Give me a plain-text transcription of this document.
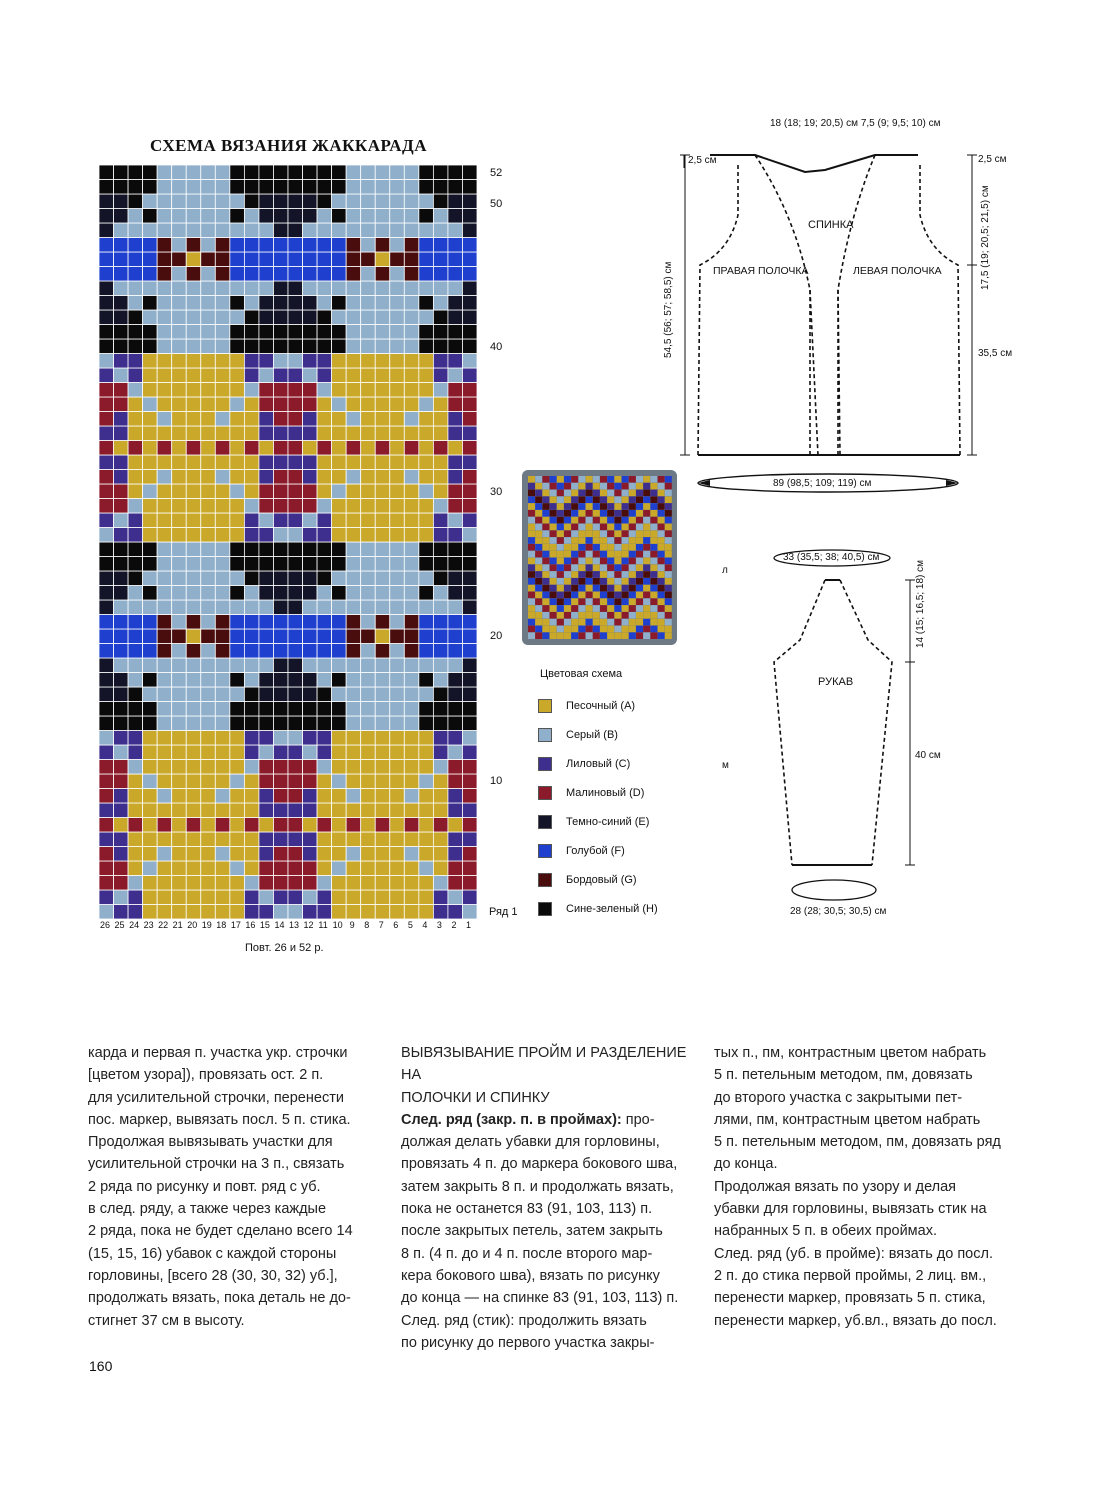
СХЕМА ВЯЗАНИЯ ЖАККАРАДА
52
50
40
30
20
10
Ряд 1
26 25 24 23 22 21 20 19 18 17 16 15 14 13 12 11 10 9	8	7	6	5	4	3	2	1
Повт. 26 и 52 р.
Цветовая схема
Песочный (A)
Серый (B)
Лиловый (C)
Малиновый (D)
Темно-синий (E)
Голубой (F)
Бордовый (G)
Сине-зеленый (H)
18 (18; 19; 20,5) см 7,5 (9; 9,5; 10) см
2,5 см	2,5 см
17,5 (19; 20,5; 21,5) см
35,5 см
54,5 (56; 57; 58,5) см
СПИНКА
ПРАВАЯ ПОЛОЧКА	ЛЕВАЯ ПОЛОЧКА
89 (98,5; 109; 119) см
33 (35,5; 38; 40,5) см
14 (15; 16,5; 18) см
РУКАВ
40 см
28 (28; 30,5; 30,5) см
л
м

карда и первая п. участка укр. строчки

[цветом узора]), провязать ост. 2 п.

для усилительной строчки, перенести

пос. маркер, вывязать посл. 5 п. стика.

Продолжая вывязывать участки для

усилительной строчки на 3 п., связать

2 ряда по рисунку и повт. ряд с уб.

в след. ряду, а также через каждые

2 ряда, пока не будет сделано всего 14

(15, 15, 16) убавок с каждой стороны

горловины, [всего 28 (30, 30, 32) уб.],

продолжать вязать, пока деталь не до-

стигнет 37 см в высоту.

ВЫВЯЗЫВАНИЕ ПРОЙМ И РАЗДЕЛЕНИЕ НА

ПОЛОЧКИ И СПИНКУ

След. ряд (закр. п. в проймах): про-

должая делать убавки для горловины,

провязать 4 п. до маркера бокового шва,

затем закрыть 8 п. и продолжать вязать,

пока не останется 83 (91, 103, 113) п.

после закрытых петель, затем закрыть

8 п. (4 п. до и 4 п. после второго мар-

кера бокового шва), вязать по рисунку

до конца — на спинке 83 (91, 103, 113) п.

След. ряд (стик): продолжить вязать

по рисунку до первого участка закры-

тых п., пм, контрастным цветом набрать

5 п. петельным методом, пм, довязать

до второго участка с закрытыми пет-

лями, пм, контрастным цветом набрать

5 п. петельным методом, пм, довязать ряд

до конца.

Продолжая вязать по узору и делая

убавки для горловины, вывязать стик на

набранных 5 п. в обеих проймах.

След. ряд (уб. в пройме): вязать до посл.

2 п. до стика первой проймы, 2 лиц. вм.,

перенести маркер, провязать 5 п. стика,

перенести маркер, уб.вл., вязать до посл.

160
